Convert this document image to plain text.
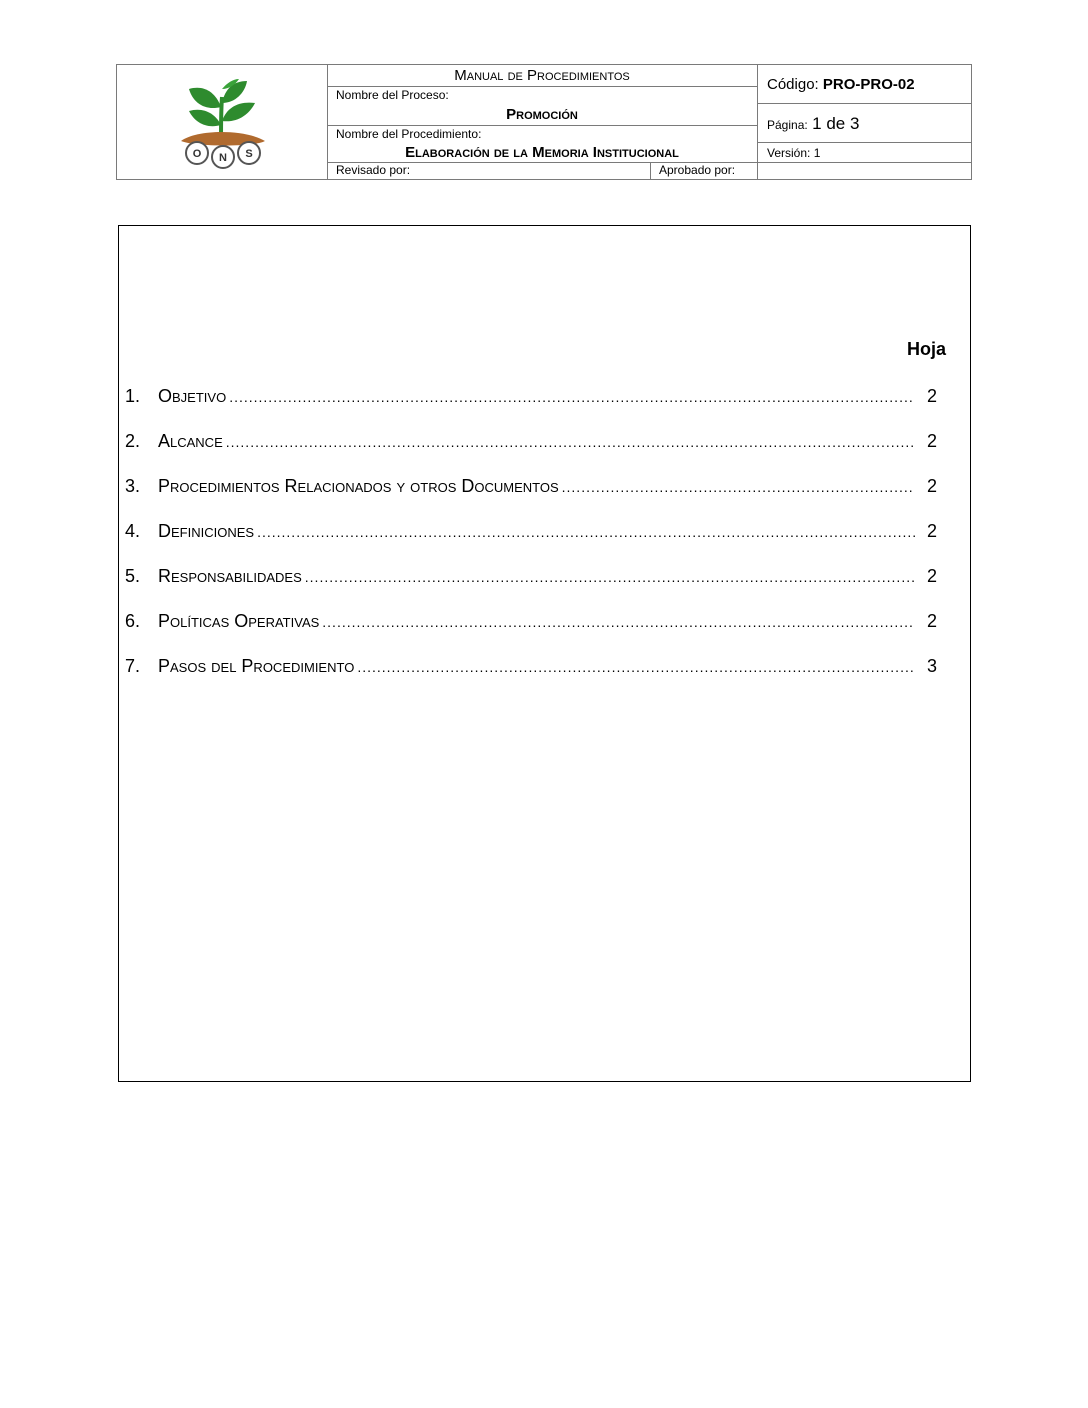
O N S
Manual de Procedimientos
Nombre del Proceso:
Promoción
Nombre del Procedimiento:
Elaboración de la Memoria Institucional
Revisado por:	Aprobado por:
Código: PRO-PRO-02
Página: 1 de 3
Versión: 1
Hoja
1. Objetivo .....	2
2. Alcance .....	2
3. Procedimientos Relacionados y otros Documentos .....	2
4. Definiciones .....	2
5. Responsabilidades .....	2
6. Políticas Operativas .....	2
7. Pasos del Procedimiento .....	3
